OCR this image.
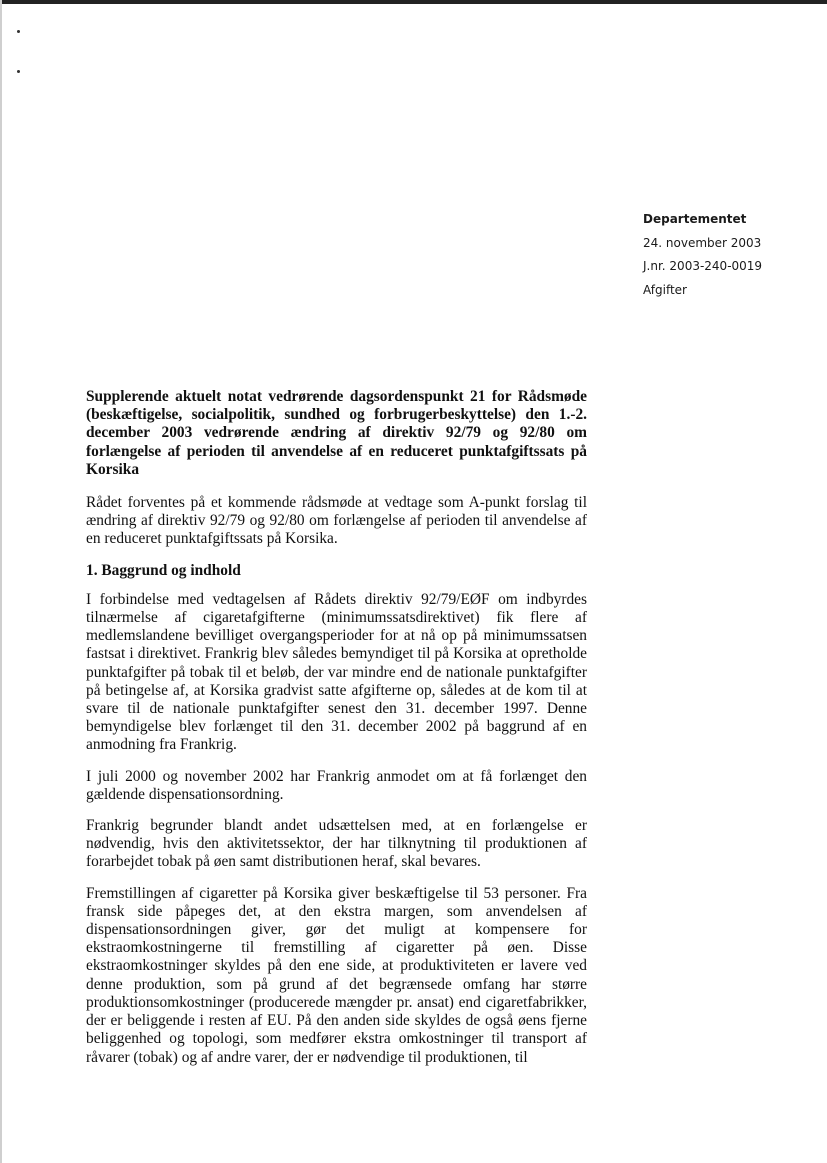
Departementet
24. november 2003
J.nr. 2003-240-0019
Afgifter

Supplerende aktuelt notat vedrørende dagsordenspunkt 21 for Rådsmøde (beskæftigelse, socialpolitik, sundhed og forbrugerbeskyttelse) den 1.-2. december 2003 vedrørende ændring af direktiv 92/79 og 92/80 om forlængelse af perioden til anvendelse af en reduceret punktafgiftssats på Korsika

Rådet forventes på et kommende rådsmøde at vedtage som A-punkt forslag til ændring af direktiv 92/79 og 92/80 om forlængelse af perioden til anvendelse af en reduceret punktafgiftssats på Korsika.

1. Baggrund og indhold

I forbindelse med vedtagelsen af Rådets direktiv 92/79/EØF om indbyrdes tilnærmelse af cigaretafgifterne (minimumssatsdirektivet) fik flere af medlemslandene bevilliget overgangsperioder for at nå op på minimumssatsen fastsat i direktivet. Frankrig blev således bemyndiget til på Korsika at opretholde punktafgifter på tobak til et beløb, der var mindre end de nationale punktafgifter på betingelse af, at Korsika gradvist satte afgifterne op, således at de kom til at svare til de nationale punktafgifter senest den 31. december 1997. Denne bemyndigelse blev forlænget til den 31. december 2002 på baggrund af en anmodning fra Frankrig.

I juli 2000 og november 2002 har Frankrig anmodet om at få forlænget den gældende dispensationsordning.

Frankrig begrunder blandt andet udsættelsen med, at en forlængelse er nødvendig, hvis den aktivitetssektor, der har tilknytning til produktionen af forarbejdet tobak på øen samt distributionen heraf, skal bevares.

Fremstillingen af cigaretter på Korsika giver beskæftigelse til 53 personer. Fra fransk side påpeges det, at den ekstra margen, som anvendelsen af dispensationsordningen giver, gør det muligt at kompensere for ekstraomkostningerne til fremstilling af cigaretter på øen. Disse ekstraomkostninger skyldes på den ene side, at produktiviteten er lavere ved denne produktion, som på grund af det begrænsede omfang har større produktionsomkostninger (producerede mængder pr. ansat) end cigaretfabrikker, der er beliggende i resten af EU. På den anden side skyldes de også øens fjerne beliggenhed og topologi, som medfører ekstra omkostninger til transport af råvarer (tobak) og af andre varer, der er nødvendige til produktionen, til
